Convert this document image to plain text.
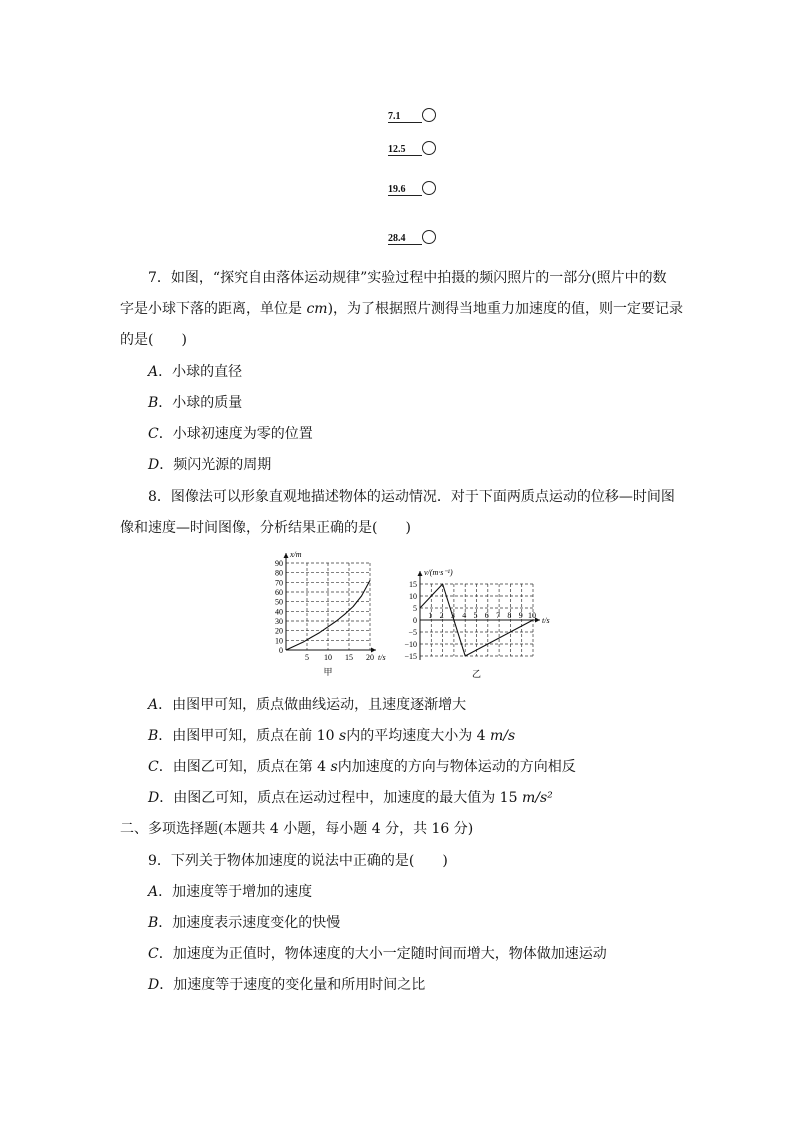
7.1
12.5
19.6
28.4
7．如图，“探究自由落体运动规律”实验过程中拍摄的频闪照片的一部分(照片中的数
字是小球下落的距离，单位是 cm)，为了根据照片测得当地重力加速度的值，则一定要记录
的是(　　)
A．小球的直径
B．小球的质量
C．小球初速度为零的位置
D．频闪光源的周期
8．图像法可以形象直观地描述物体的运动情况．对于下面两质点运动的位移—时间图
像和速度—时间图像，分析结果正确的是(　　)
0
10
20
30
40
50
60
70
80
90
5 10 15 20 t/s
x/m
甲
15
10
5
0
−5
−10
−15
1 2 3 4 5 6 7 8 9 10
t/s
v/(m·s⁻¹)
乙
A．由图甲可知，质点做曲线运动，且速度逐渐增大
B．由图甲可知，质点在前 10 s内的平均速度大小为 4 m/s
C．由图乙可知，质点在第 4 s内加速度的方向与物体运动的方向相反
D．由图乙可知，质点在运动过程中，加速度的最大值为 15 m/s²
二、多项选择题(本题共 4 小题，每小题 4 分，共 16 分)
9．下列关于物体加速度的说法中正确的是(　　)
A．加速度等于增加的速度
B．加速度表示速度变化的快慢
C．加速度为正值时，物体速度的大小一定随时间而增大，物体做加速运动
D．加速度等于速度的变化量和所用时间之比
